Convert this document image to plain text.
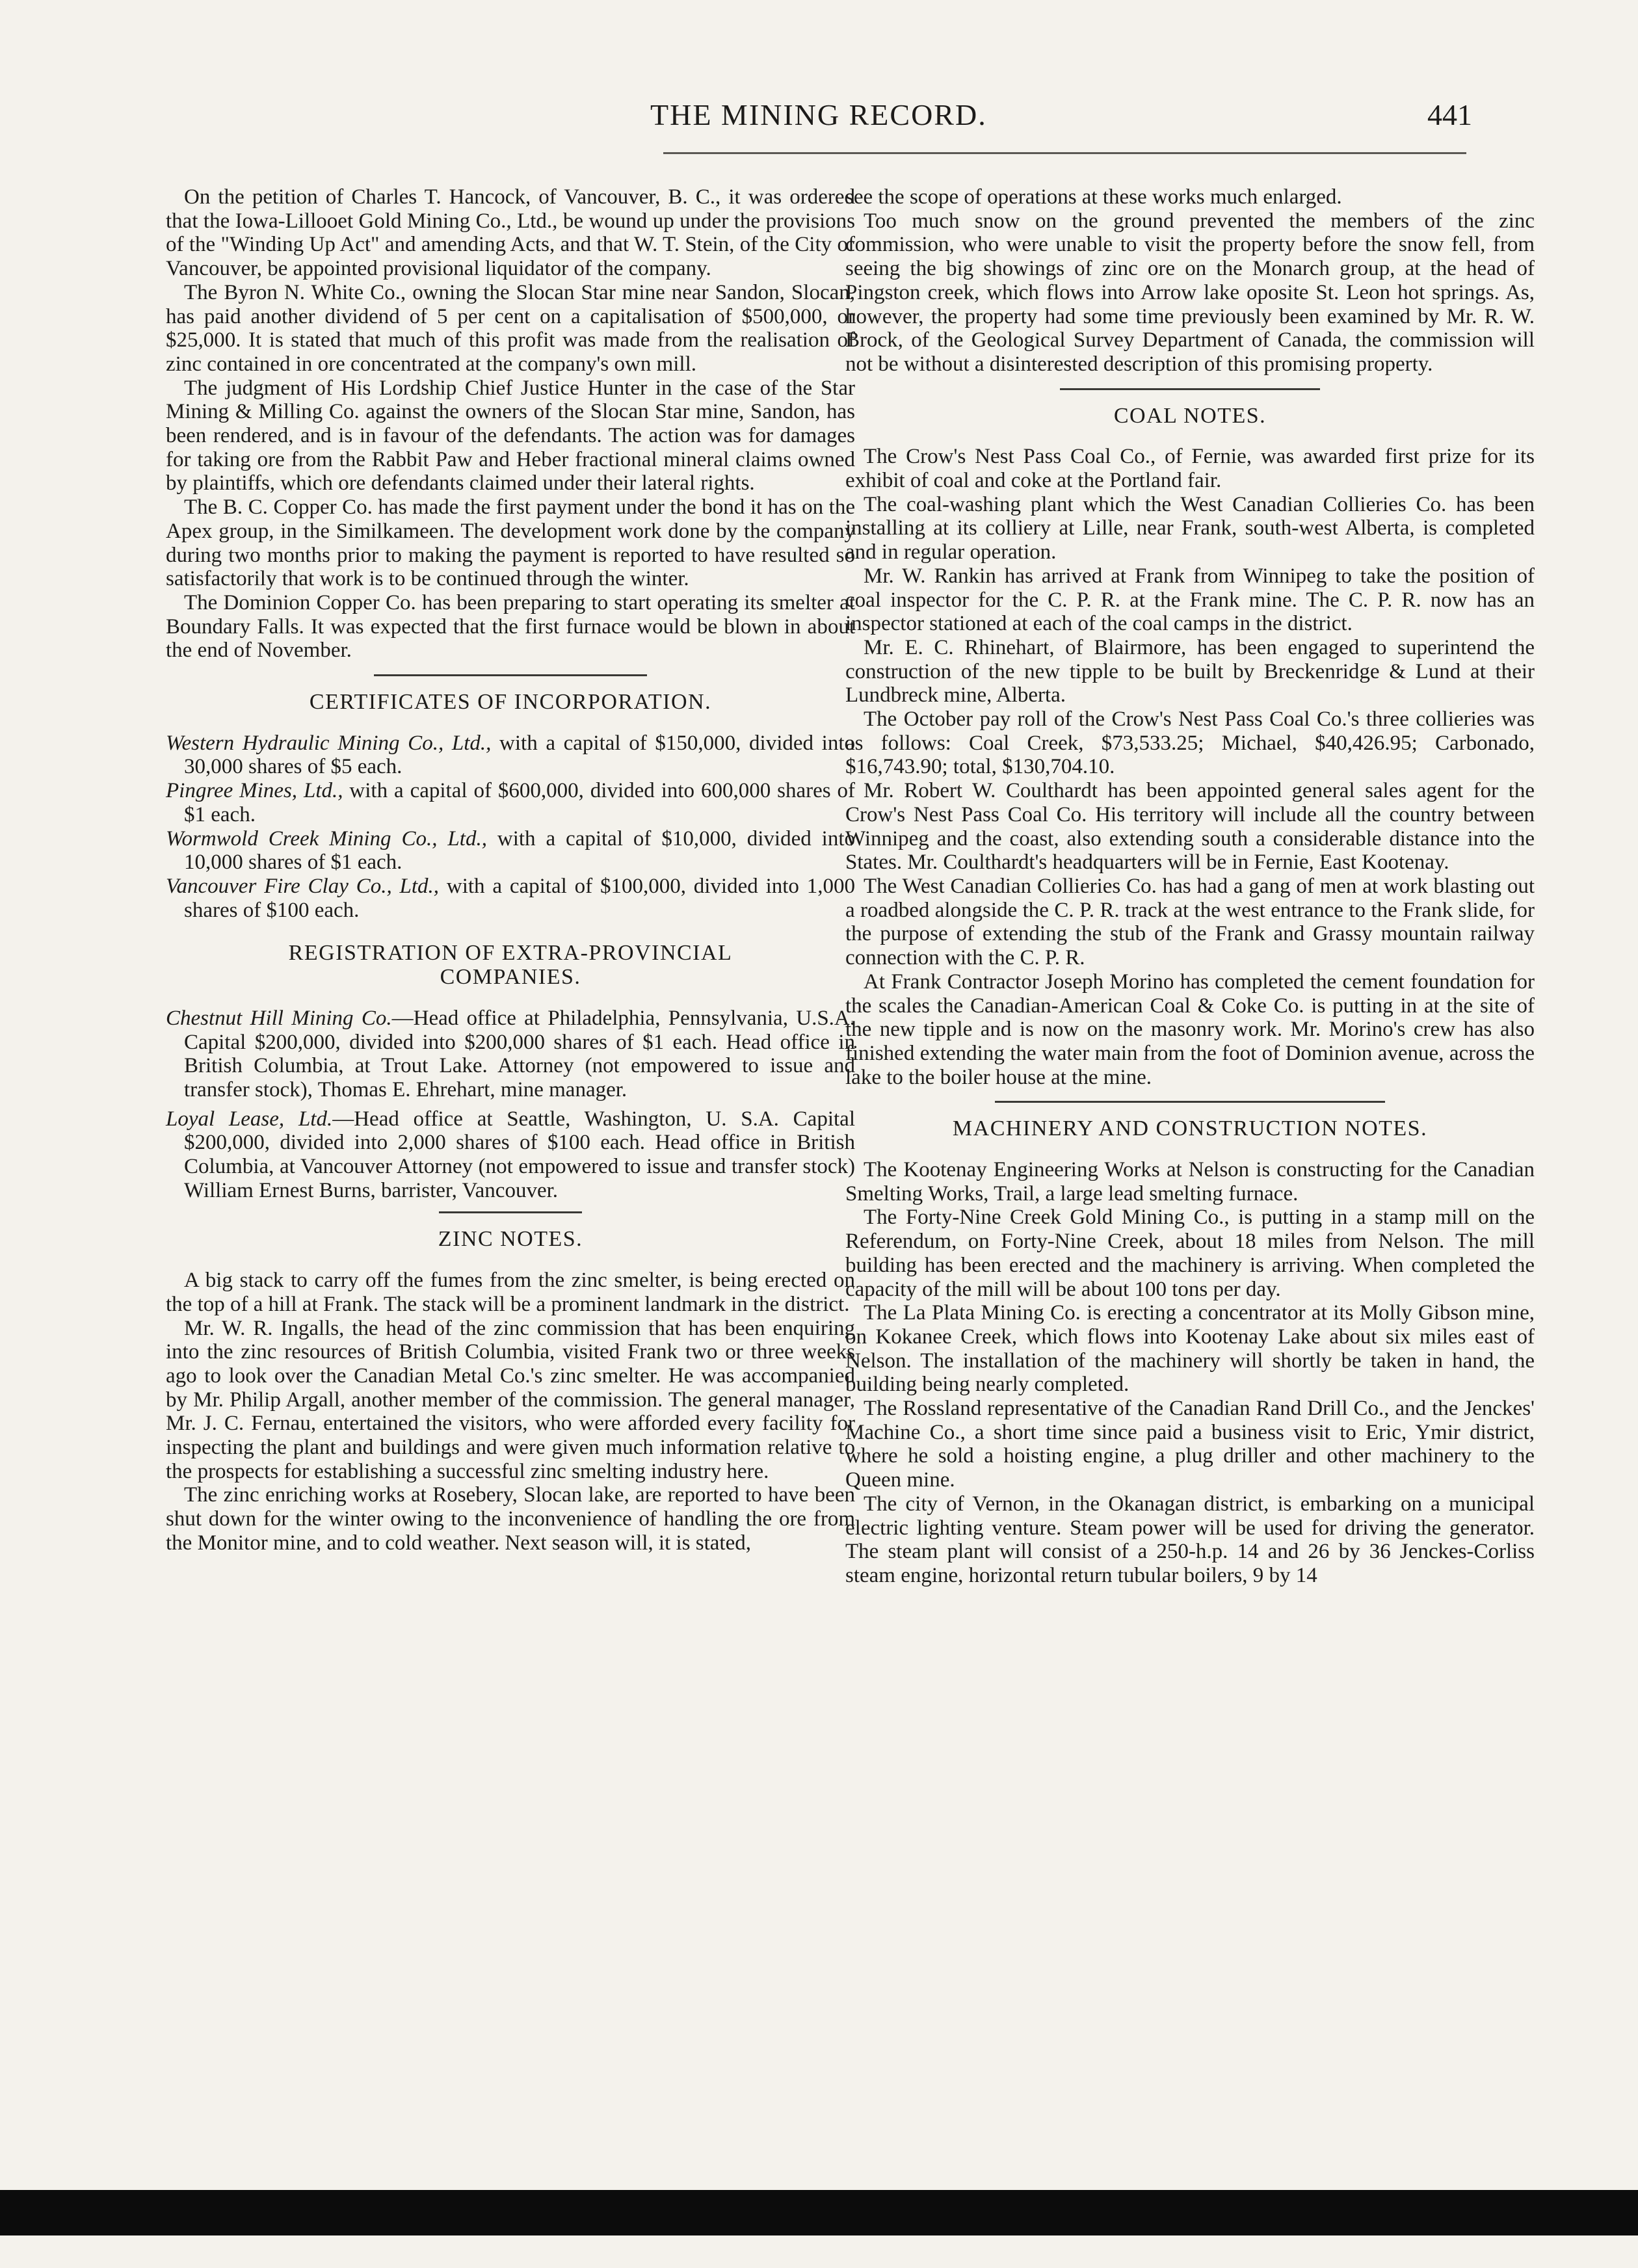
THE MINING RECORD.	441

On the petition of Charles T. Hancock, of Vancouver, B. C., it was ordered that the Iowa-Lillooet Gold Mining Co., Ltd., be wound up under the provisions of the "Winding Up Act" and amending Acts, and that W. T. Stein, of the City of Vancouver, be appointed provisional liquidator of the company.

The Byron N. White Co., owning the Slocan Star mine near Sandon, Slocan, has paid another dividend of 5 per cent on a capitalisation of $500,000, or $25,000. It is stated that much of this profit was made from the realisation of zinc contained in ore concentrated at the company's own mill.

The judgment of His Lordship Chief Justice Hunter in the case of the Star Mining & Milling Co. against the owners of the Slocan Star mine, Sandon, has been rendered, and is in favour of the defendants. The action was for damages for taking ore from the Rabbit Paw and Heber fractional mineral claims owned by plaintiffs, which ore defendants claimed under their lateral rights.

The B. C. Copper Co. has made the first payment under the bond it has on the Apex group, in the Similkameen. The development work done by the company during two months prior to making the payment is reported to have resulted so satisfactorily that work is to be continued through the winter.

The Dominion Copper Co. has been preparing to start operating its smelter at Boundary Falls. It was expected that the first furnace would be blown in about the end of November.

CERTIFICATES OF INCORPORATION.

Western Hydraulic Mining Co., Ltd., with a capital of $150,000, divided into 30,000 shares of $5 each.

Pingree Mines, Ltd., with a capital of $600,000, divided into 600,000 shares of $1 each.

Wormwold Creek Mining Co., Ltd., with a capital of $10,000, divided into 10,000 shares of $1 each.

Vancouver Fire Clay Co., Ltd., with a capital of $100,000, divided into 1,000 shares of $100 each.

REGISTRATION OF EXTRA-PROVINCIAL COMPANIES.

Chestnut Hill Mining Co.—Head office at Philadelphia, Pennsylvania, U.S.A. Capital $200,000, divided into $200,000 shares of $1 each. Head office in British Columbia, at Trout Lake. Attorney (not empowered to issue and transfer stock), Thomas E. Ehrehart, mine manager.

Loyal Lease, Ltd.—Head office at Seattle, Washington, U. S.A. Capital $200,000, divided into 2,000 shares of $100 each. Head office in British Columbia, at Vancouver Attorney (not empowered to issue and transfer stock) William Ernest Burns, barrister, Vancouver.

ZINC NOTES.

A big stack to carry off the fumes from the zinc smelter, is being erected on the top of a hill at Frank. The stack will be a prominent landmark in the district.

Mr. W. R. Ingalls, the head of the zinc commission that has been enquiring into the zinc resources of British Columbia, visited Frank two or three weeks ago to look over the Canadian Metal Co.'s zinc smelter. He was accompanied by Mr. Philip Argall, another member of the commission. The general manager, Mr. J. C. Fernau, entertained the visitors, who were afforded every facility for inspecting the plant and buildings and were given much information relative to the prospects for establishing a successful zinc smelting industry here.

The zinc enriching works at Rosebery, Slocan lake, are reported to have been shut down for the winter owing to the inconvenience of handling the ore from the Monitor mine, and to cold weather. Next season will, it is stated,

see the scope of operations at these works much enlarged.

Too much snow on the ground prevented the members of the zinc commission, who were unable to visit the property before the snow fell, from seeing the big showings of zinc ore on the Monarch group, at the head of Pingston creek, which flows into Arrow lake oposite St. Leon hot springs. As, however, the property had some time previously been examined by Mr. R. W. Brock, of the Geological Survey Department of Canada, the commission will not be without a disinterested description of this promising property.

COAL NOTES.

The Crow's Nest Pass Coal Co., of Fernie, was awarded first prize for its exhibit of coal and coke at the Portland fair.

The coal-washing plant which the West Canadian Collieries Co. has been installing at its colliery at Lille, near Frank, south-west Alberta, is completed and in regular operation.

Mr. W. Rankin has arrived at Frank from Winnipeg to take the position of coal inspector for the C. P. R. at the Frank mine. The C. P. R. now has an inspector stationed at each of the coal camps in the district.

Mr. E. C. Rhinehart, of Blairmore, has been engaged to superintend the construction of the new tipple to be built by Breckenridge & Lund at their Lundbreck mine, Alberta.

The October pay roll of the Crow's Nest Pass Coal Co.'s three collieries was as follows: Coal Creek, $73,533.25; Michael, $40,426.95; Carbonado, $16,743.90; total, $130,704.10.

Mr. Robert W. Coulthardt has been appointed general sales agent for the Crow's Nest Pass Coal Co. His territory will include all the country between Winnipeg and the coast, also extending south a considerable distance into the States. Mr. Coulthardt's headquarters will be in Fernie, East Kootenay.

The West Canadian Collieries Co. has had a gang of men at work blasting out a roadbed alongside the C. P. R. track at the west entrance to the Frank slide, for the purpose of extending the stub of the Frank and Grassy mountain railway connection with the C. P. R.

At Frank Contractor Joseph Morino has completed the cement foundation for the scales the Canadian-American Coal & Coke Co. is putting in at the site of the new tipple and is now on the masonry work. Mr. Morino's crew has also finished extending the water main from the foot of Dominion avenue, across the lake to the boiler house at the mine.

MACHINERY AND CONSTRUCTION NOTES.

The Kootenay Engineering Works at Nelson is constructing for the Canadian Smelting Works, Trail, a large lead smelting furnace.

The Forty-Nine Creek Gold Mining Co., is putting in a stamp mill on the Referendum, on Forty-Nine Creek, about 18 miles from Nelson. The mill building has been erected and the machinery is arriving. When completed the capacity of the mill will be about 100 tons per day.

The La Plata Mining Co. is erecting a concentrator at its Molly Gibson mine, on Kokanee Creek, which flows into Kootenay Lake about six miles east of Nelson. The installation of the machinery will shortly be taken in hand, the building being nearly completed.

The Rossland representative of the Canadian Rand Drill Co., and the Jenckes' Machine Co., a short time since paid a business visit to Eric, Ymir district, where he sold a hoisting engine, a plug driller and other machinery to the Queen mine.

The city of Vernon, in the Okanagan district, is embarking on a municipal electric lighting venture. Steam power will be used for driving the generator. The steam plant will consist of a 250-h.p. 14 and 26 by 36 Jenckes-Corliss steam engine, horizontal return tubular boilers, 9 by 14
